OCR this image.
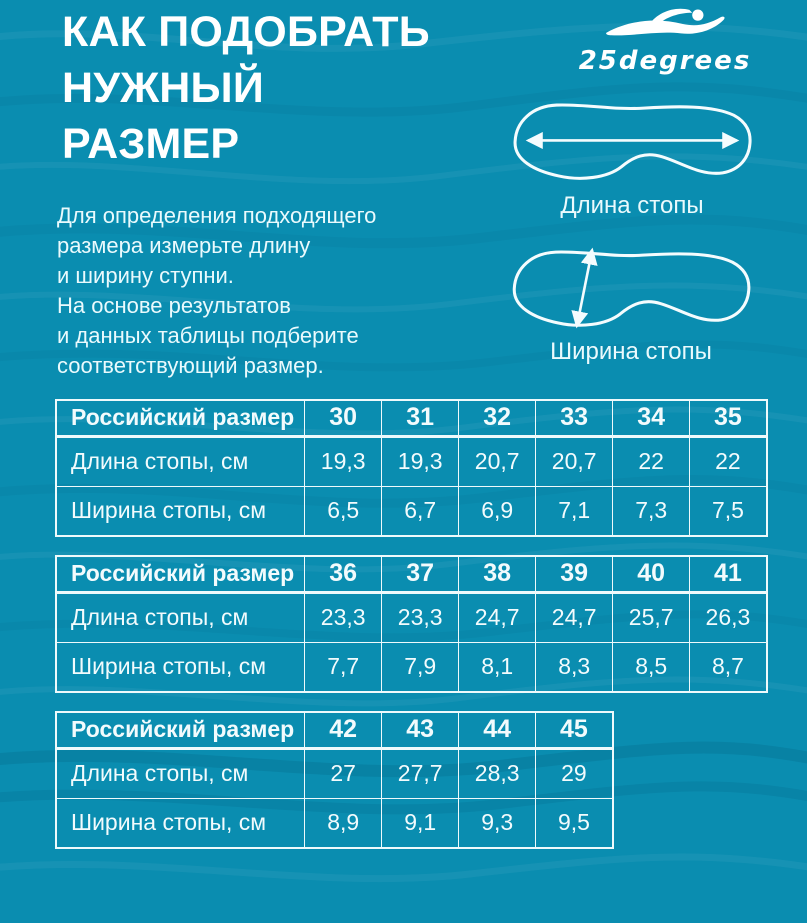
КАК ПОДОБРАТЬ
НУЖНЫЙ
РАЗМЕР
25degrees
Для определения подходящего
размера измерьте длину
и ширину ступни.
На основе результатов
и данных таблицы подберите
соответствующий размер.
Длина стопы
Ширина стопы
Российский размер	30	31	32	33	34	35
Длина стопы, см	19,3	19,3	20,7	20,7	22	22
Ширина стопы, см	6,5	6,7	6,9	7,1	7,3	7,5
Российский размер	36	37	38	39	40	41
Длина стопы, см	23,3	23,3	24,7	24,7	25,7	26,3
Ширина стопы, см	7,7	7,9	8,1	8,3	8,5	8,7
Российский размер	42	43	44	45
Длина стопы, см	27	27,7	28,3	29
Ширина стопы, см	8,9	9,1	9,3	9,5
